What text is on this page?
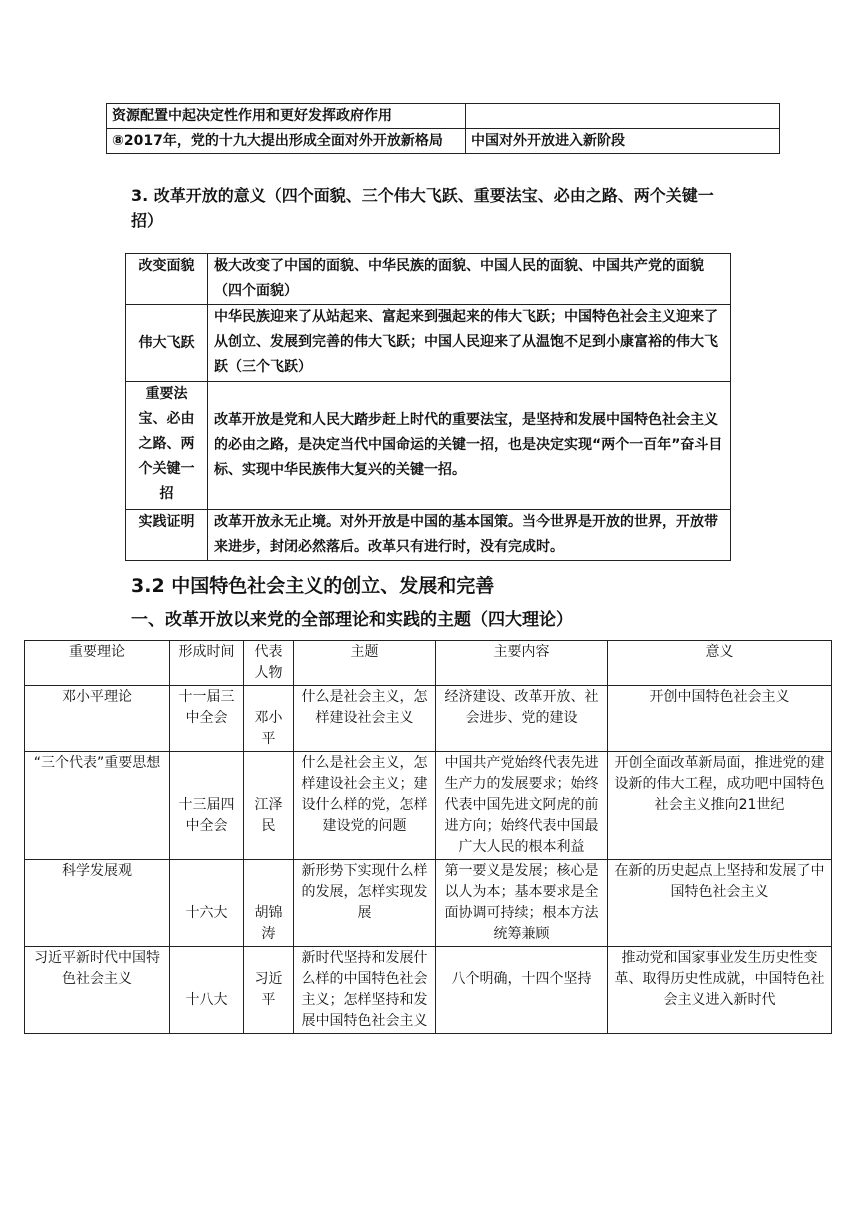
资源配置中起决定性作用和更好发挥政府作用	
⑧2017年，党的十九大提出形成全面对外开放新格局	中国对外开放进入新阶段
3. 改革开放的意义（四个面貌、三个伟大飞跃、重要法宝、必由之路、两个关键一招）
改变面貌	极大改变了中国的面貌、中华民族的面貌、中国人民的面貌、中国共产党的面貌（四个面貌）
伟大飞跃	中华民族迎来了从站起来、富起来到强起来的伟大飞跃；中国特色社会主义迎来了从创立、发展到完善的伟大飞跃；中国人民迎来了从温饱不足到小康富裕的伟大飞跃（三个飞跃）
重要法宝、必由之路、两个关键一招	改革开放是党和人民大踏步赶上时代的重要法宝，是坚持和发展中国特色社会主义的必由之路，是决定当代中国命运的关键一招，也是决定实现“两个一百年”奋斗目标、实现中华民族伟大复兴的关键一招。
实践证明	改革开放永无止境。对外开放是中国的基本国策。当今世界是开放的世界，开放带来进步，封闭必然落后。改革只有进行时，没有完成时。
3.2 中国特色社会主义的创立、发展和完善
一、改革开放以来党的全部理论和实践的主题（四大理论）
重要理论	形成时间	代表人物	主题	主要内容	意义
邓小平理论	十一届三中全会	邓小平	什么是社会主义，怎样建设社会主义	经济建设、改革开放、社会进步、党的建设	开创中国特色社会主义
“三个代表”重要思想	十三届四中全会	江泽民	什么是社会主义，怎样建设社会主义；建设什么样的党，怎样建设党的问题	中国共产党始终代表先进生产力的发展要求；始终代表中国先进文阿虎的前进方向；始终代表中国最广大人民的根本利益	开创全面改革新局面，推进党的建设新的伟大工程，成功吧中国特色社会主义推向21世纪
科学发展观	十六大	胡锦涛	新形势下实现什么样的发展，怎样实现发展	第一要义是发展；核心是以人为本；基本要求是全面协调可持续；根本方法统筹兼顾	在新的历史起点上坚持和发展了中国特色社会主义
习近平新时代中国特色社会主义	十八大	习近平	新时代坚持和发展什么样的中国特色社会主义；怎样坚持和发展中国特色社会主义	八个明确，十四个坚持	推动党和国家事业发生历史性变革、取得历史性成就，中国特色社会主义进入新时代
